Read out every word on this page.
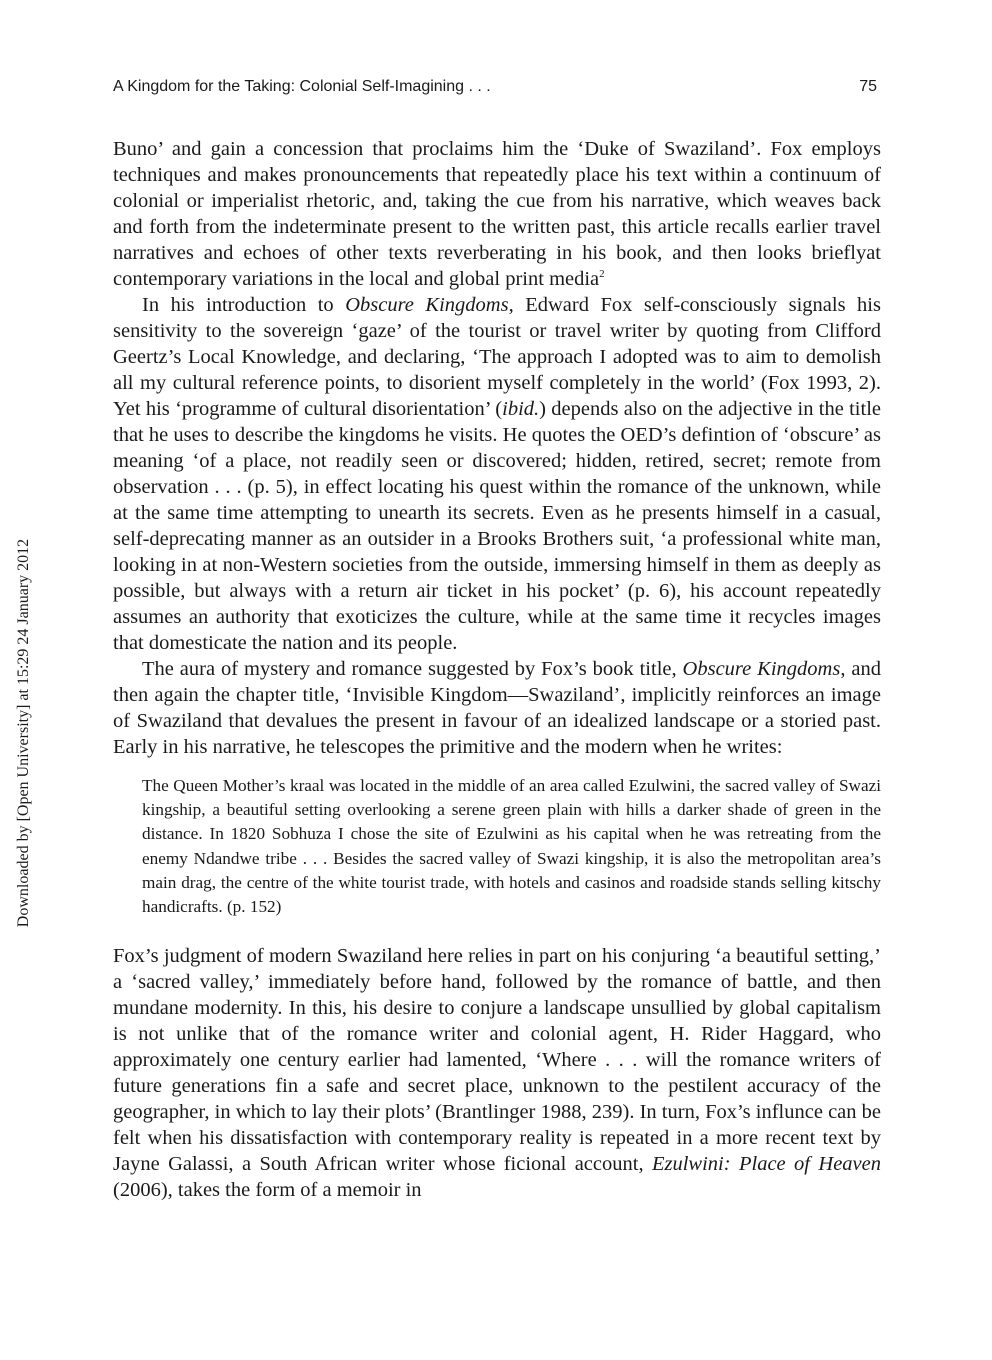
A Kingdom for the Taking: Colonial Self-Imagining . . .	75
Downloaded by [Open University] at 15:29 24 January 2012

Buno’ and gain a concession that proclaims him the ‘Duke of Swaziland’. Fox employs techniques and makes pronouncements that repeatedly place his text within a continuum of colonial or imperialist rhetoric, and, taking the cue from his narrative, which weaves back and forth from the indeterminate present to the written past, this article recalls earlier travel narratives and echoes of other texts reverberating in his book, and then looks brieflyat contemporary variations in the local and global print media$^2$

In his introduction to Obscure Kingdoms, Edward Fox self-consciously signals his sensitivity to the sovereign ‘gaze’ of the tourist or travel writer by quoting from Clifford Geertz’s Local Knowledge, and declaring, ‘The approach I adopted was to aim to demolish all my cultural reference points, to disorient myself completely in the world’ (Fox 1993, 2). Yet his ‘programme of cultural disorientation’ (ibid.) depends also on the adjective in the title that he uses to describe the kingdoms he visits. He quotes the OED’s defintion of ‘obscure’ as meaning ‘of a place, not readily seen or discovered; hidden, retired, secret; remote from observation . . . (p. 5), in effect locating his quest within the romance of the unknown, while at the same time attempting to unearth its secrets. Even as he presents himself in a casual, self-deprecating manner as an outsider in a Brooks Brothers suit, ‘a professional white man, looking in at non-Western societies from the outside, immersing himself in them as deeply as possible, but always with a return air ticket in his pocket’ (p. 6), his account repeatedly assumes an authority that exoticizes the culture, while at the same time it recycles images that domesticate the nation and its people.

The aura of mystery and romance suggested by Fox’s book title, Obscure Kingdoms, and then again the chapter title, ‘Invisible Kingdom—Swaziland’, implicitly reinforces an image of Swaziland that devalues the present in favour of an idealized landscape or a storied past. Early in his narrative, he telescopes the primitive and the modern when he writes:

The Queen Mother’s kraal was located in the middle of an area called Ezulwini, the sacred valley of Swazi kingship, a beautiful setting overlooking a serene green plain with hills a darker shade of green in the distance. In 1820 Sobhuza I chose the site of Ezulwini as his capital when he was retreating from the enemy Ndandwe tribe . . . Besides the sacred valley of Swazi kingship, it is also the metropolitan area’s main drag, the centre of the white tourist trade, with hotels and casinos and roadside stands selling kitschy handicrafts. (p. 152)

Fox’s judgment of modern Swaziland here relies in part on his conjuring ‘a beautiful setting,’ a ‘sacred valley,’ immediately before hand, followed by the romance of battle, and then mundane modernity. In this, his desire to conjure a landscape unsullied by global capitalism is not unlike that of the romance writer and colonial agent, H. Rider Haggard, who approximately one century earlier had lamented, ‘Where . . . will the romance writers of future generations fin a safe and secret place, unknown to the pestilent accuracy of the geographer, in which to lay their plots’ (Brantlinger 1988, 239). In turn, Fox’s influnce can be felt when his dissatisfaction with contemporary reality is repeated in a more recent text by Jayne Galassi, a South African writer whose ficional account, Ezulwini: Place of Heaven (2006), takes the form of a memoir in
